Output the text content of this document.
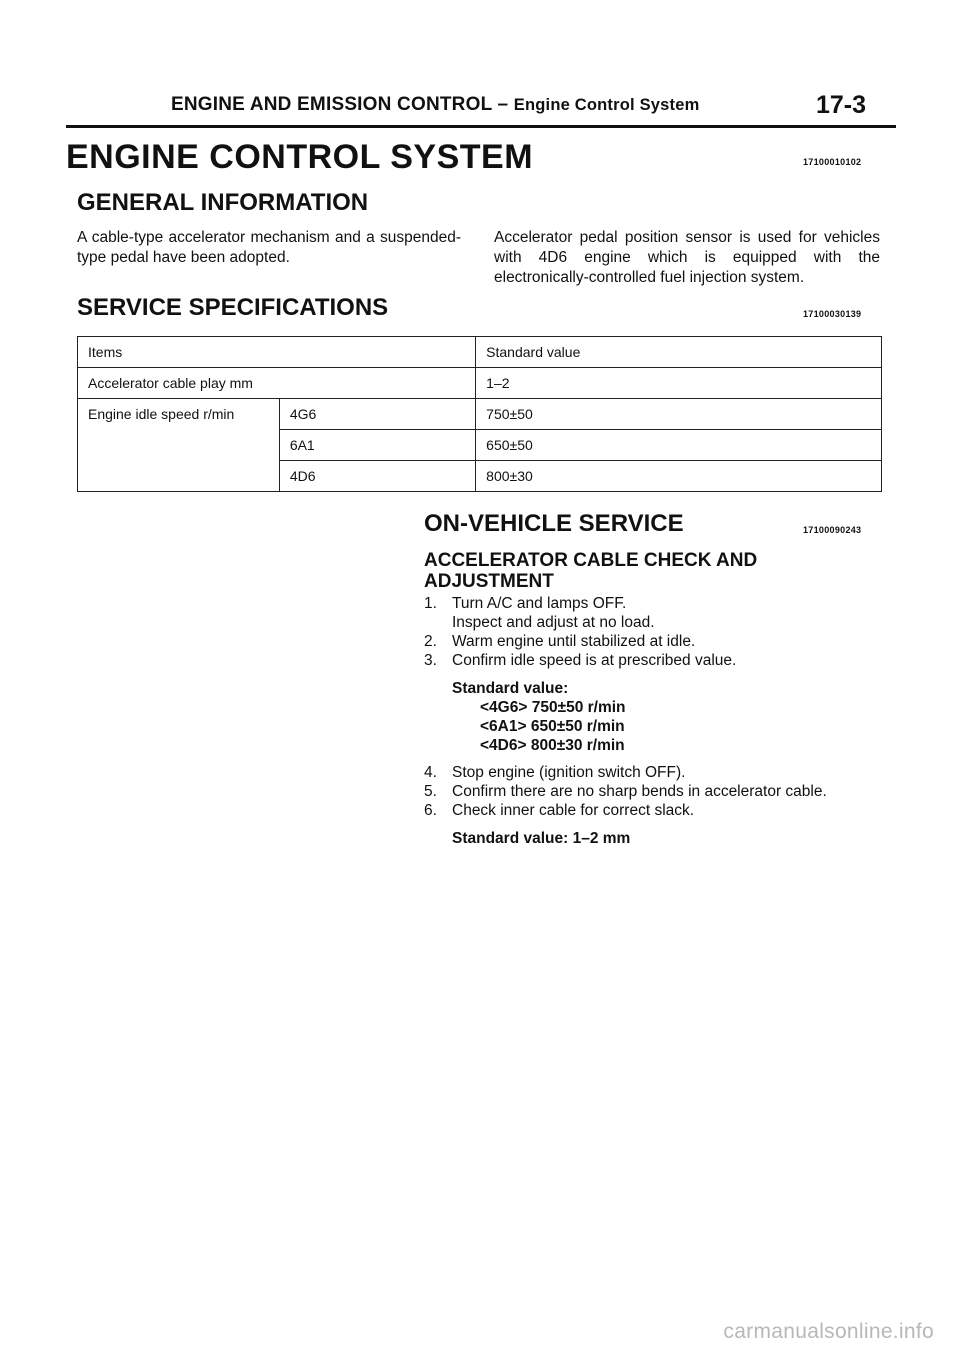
ENGINE AND EMISSION CONTROL – Engine Control System	17-3
ENGINE CONTROL SYSTEM	17100010102
GENERAL INFORMATION
A cable-type accelerator mechanism and a suspended-type pedal have been adopted.
Accelerator pedal position sensor is used for vehicles with 4D6 engine which is equipped with the electronically-controlled fuel injection system.
SERVICE SPECIFICATIONS	17100030139
Items		Standard value
Accelerator cable play mm		1–2
Engine idle speed r/min	4G6	750±50
	6A1	650±50
	4D6	800±30
ON-VEHICLE SERVICE	17100090243
ACCELERATOR CABLE CHECK AND ADJUSTMENT
1. Turn A/C and lamps OFF.
Inspect and adjust at no load.
2. Warm engine until stabilized at idle.
3. Confirm idle speed is at prescribed value.
Standard value:
<4G6> 750±50 r/min
<6A1> 650±50 r/min
<4D6> 800±30 r/min
4. Stop engine (ignition switch OFF).
5. Confirm there are no sharp bends in accelerator cable.
6. Check inner cable for correct slack.
Standard value: 1–2 mm
carmanualsonline.info
